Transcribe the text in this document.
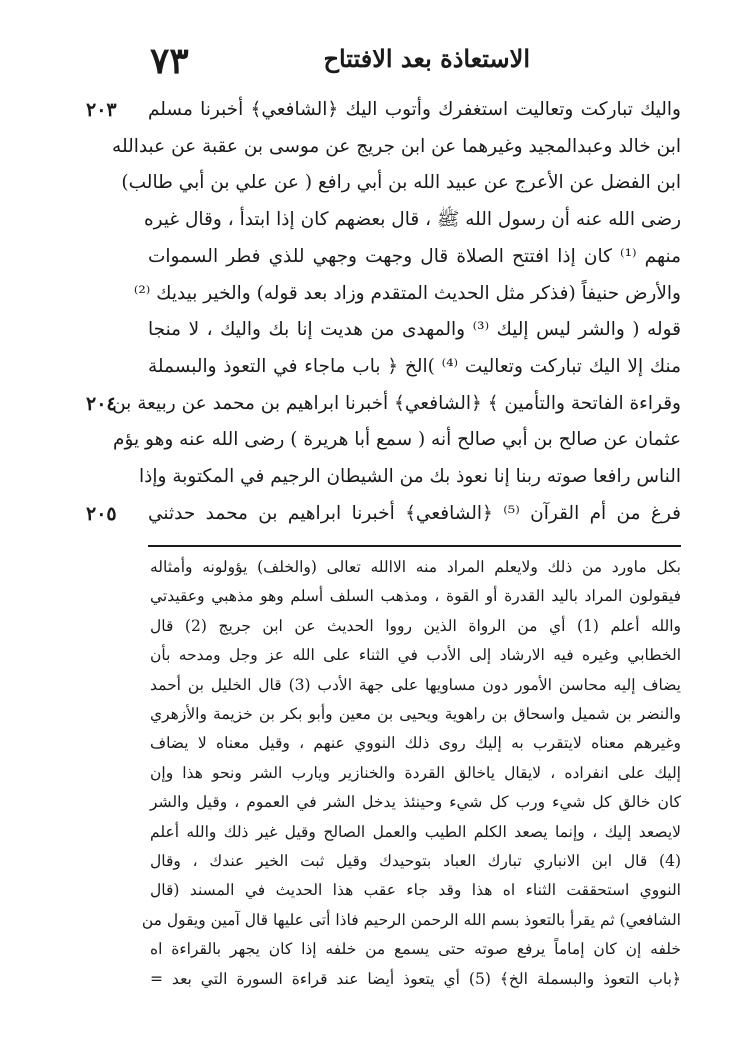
الاستعاذة بعد الافتتاح
٧٣
واليك تباركت وتعاليت استغفرك وأتوب اليك ﴿الشافعي﴾ أخبرنا مسلم
ابن خالد وعبدالمجيد وغيرهما عن ابن جريج عن موسى بن عقبة عن عبدالله
ابن الفضل عن الأعرج عن عبيد الله بن أبي رافع ( عن علي بن أبي طالب)
رضى الله عنه أن رسول الله ﷺ ، قال بعضهم كان إذا ابتدأ ، وقال غيره
منهم ⁽¹⁾ كان إذا افتتح الصلاة قال وجهت وجهي للذي فطر السموات
والأرض حنيفاً (فذكر مثل الحديث المتقدم وزاد بعد قوله) والخير بيديك ⁽²⁾
قوله ( والشر ليس إليك ⁽³⁾ والمهدى من هديت إنا بك واليك ، لا منجا
منك إلا اليك تباركت وتعاليت ⁽⁴⁾ )الخ ﴿ باب ماجاء في التعوذ والبسملة
وقراءة الفاتحة والتأمين ﴾ ﴿الشافعي﴾ أخبرنا ابراهيم بن محمد عن ربيعة بن
عثمان عن صالح بن أبي صالح أنه ( سمع أبا هريرة ) رضى الله عنه وهو يؤم
الناس رافعا صوته ربنا إنا نعوذ بك من الشيطان الرجيم في المكتوبة وإذا
فرغ من أم القرآن ⁽⁵⁾ ﴿الشافعي﴾ أخبرنا ابراهيم بن محمد حدثني
٢٠٣
٢٠٤
٢٠٥
بكل ماورد من ذلك ولايعلم المراد منه الاالله تعالى (والخلف) يؤولونه وأمثاله
فيقولون المراد باليد القدرة أو القوة ، ومذهب السلف أسلم وهو مذهبي وعقيدتي
والله أعلم (1) أي من الرواة الذين رووا الحديث عن ابن جريج (2) قال
الخطابي وغيره فيه الارشاد إلى الأدب في الثناء على الله عز وجل ومدحه بأن
يضاف إليه محاسن الأمور دون مساويها على جهة الأدب (3) قال الخليل بن أحمد
والنضر بن شميل واسحاق بن راهوية ويحيى بن معين وأبو بكر بن خزيمة والأزهري
وغيرهم معناه لايتقرب به إليك روى ذلك النووي عنهم ، وقيل معناه لا يضاف
إليك على انفراده ، لايقال ياخالق القردة والخنازير ويارب الشر ونحو هذا وإن
كان خالق كل شيء ورب كل شيء وحينئذ يدخل الشر في العموم ، وقيل والشر
لايصعد إليك ، وإنما يصعد الكلم الطيب والعمل الصالح وقيل غير ذلك والله أعلم
(4) قال ابن الانباري تبارك العباد بتوحيدك وقيل ثبت الخير عندك ، وقال
النووي استحققت الثناء اه هذا وقد جاء عقب هذا الحديث في المسند (قال
الشافعي) ثم يقرأ بالتعوذ بسم الله الرحمن الرحيم فاذا أتى عليها قال آمين ويقول من
خلفه إن كان إماماً يرفع صوته حتى يسمع من خلفه إذا كان يجهر بالقراءة اه
﴿باب التعوذ والبسملة الخ﴾ (5) أي يتعوذ أيضا عند قراءة السورة التي بعد =
